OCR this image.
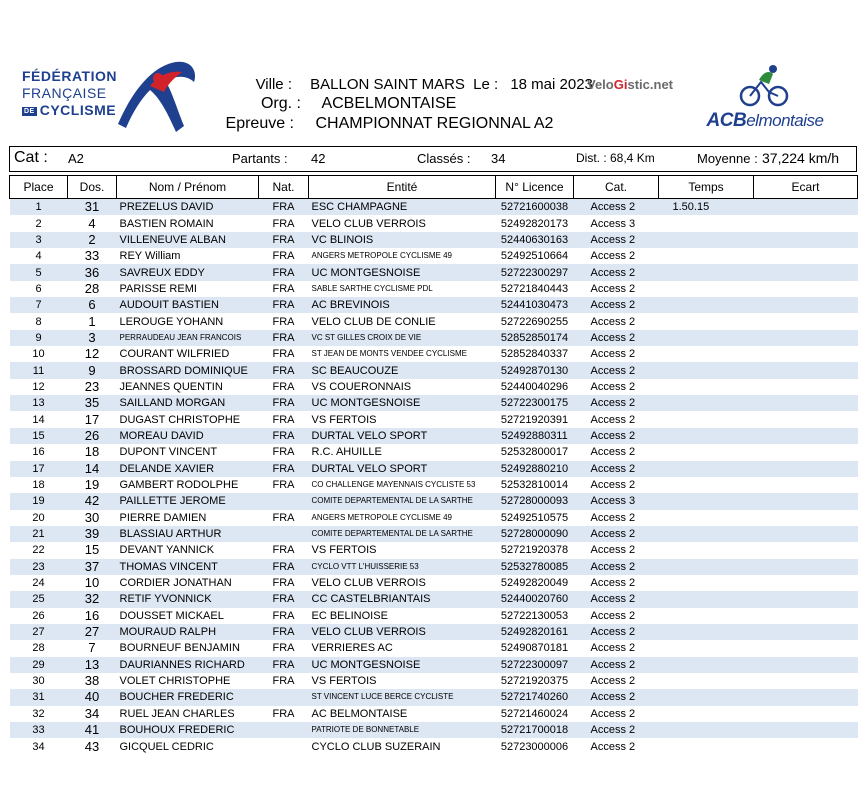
FÉDÉRATION
FRANÇAISE
DE CYCLISME
Ville : BALLON SAINT MARS Le : 18 mai 2023
Org. : ACBELMONTAISE
Epreuve : CHAMPIONNAT REGIONNAL A2
VeloGistic.net
ACBelmontaise
Cat : A2	Partants : 42	Classés : 34	Dist. : 68,4 Km	Moyenne : 37,224 km/h
Place	Dos.	Nom / Prénom	Nat.	Entité	N° Licence	Cat.	Temps	Ecart
1	31	PREZELUS DAVID	FRA	ESC CHAMPAGNE	52721600038	Access 2	1.50.15	
2	4	BASTIEN ROMAIN	FRA	VELO CLUB VERROIS	52492820173	Access 3		
3	2	VILLENEUVE ALBAN	FRA	VC BLINOIS	52440630163	Access 2		
4	33	REY William	FRA	ANGERS METROPOLE CYCLISME 49	52492510664	Access 2		
5	36	SAVREUX EDDY	FRA	UC MONTGESNOISE	52722300297	Access 2		
6	28	PARISSE REMI	FRA	SABLE SARTHE CYCLISME PDL	52721840443	Access 2		
7	6	AUDOUIT BASTIEN	FRA	AC BREVINOIS	52441030473	Access 2		
8	1	LEROUGE YOHANN	FRA	VELO CLUB DE CONLIE	52722690255	Access 2		
9	3	PERRAUDEAU JEAN FRANCOIS	FRA	VC ST GILLES CROIX DE VIE	52852850174	Access 2		
10	12	COURANT WILFRIED	FRA	ST JEAN DE MONTS VENDEE CYCLISME	52852840337	Access 2		
11	9	BROSSARD DOMINIQUE	FRA	SC BEAUCOUZE	52492870130	Access 2		
12	23	JEANNES QUENTIN	FRA	VS COUERONNAIS	52440040296	Access 2		
13	35	SAILLAND MORGAN	FRA	UC MONTGESNOISE	52722300175	Access 2		
14	17	DUGAST CHRISTOPHE	FRA	VS FERTOIS	52721920391	Access 2		
15	26	MOREAU DAVID	FRA	DURTAL VELO SPORT	52492880311	Access 2		
16	18	DUPONT VINCENT	FRA	R.C. AHUILLE	52532800017	Access 2		
17	14	DELANDE XAVIER	FRA	DURTAL VELO SPORT	52492880210	Access 2		
18	19	GAMBERT RODOLPHE	FRA	CO CHALLENGE MAYENNAIS CYCLISTE 53	52532810014	Access 2		
19	42	PAILLETTE JEROME		COMITE DEPARTEMENTAL DE LA SARTHE	52728000093	Access 3		
20	30	PIERRE DAMIEN	FRA	ANGERS METROPOLE CYCLISME 49	52492510575	Access 2		
21	39	BLASSIAU ARTHUR		COMITE DEPARTEMENTAL DE LA SARTHE	52728000090	Access 2		
22	15	DEVANT YANNICK	FRA	VS FERTOIS	52721920378	Access 2		
23	37	THOMAS VINCENT	FRA	CYCLO VTT L'HUISSERIE 53	52532780085	Access 2		
24	10	CORDIER JONATHAN	FRA	VELO CLUB VERROIS	52492820049	Access 2		
25	32	RETIF YVONNICK	FRA	CC CASTELBRIANTAIS	52440020760	Access 2		
26	16	DOUSSET MICKAEL	FRA	EC BELINOISE	52722130053	Access 2		
27	27	MOURAUD RALPH	FRA	VELO CLUB VERROIS	52492820161	Access 2		
28	7	BOURNEUF BENJAMIN	FRA	VERRIERES AC	52490870181	Access 2		
29	13	DAURIANNES RICHARD	FRA	UC MONTGESNOISE	52722300097	Access 2		
30	38	VOLET CHRISTOPHE	FRA	VS FERTOIS	52721920375	Access 2		
31	40	BOUCHER FREDERIC		ST VINCENT LUCE BERCE CYCLISTE	52721740260	Access 2		
32	34	RUEL JEAN CHARLES	FRA	AC BELMONTAISE	52721460024	Access 2		
33	41	BOUHOUX FREDERIC		PATRIOTE DE BONNETABLE	52721700018	Access 2		
34	43	GICQUEL CEDRIC		CYCLO CLUB SUZERAIN	52723000006	Access 2		
